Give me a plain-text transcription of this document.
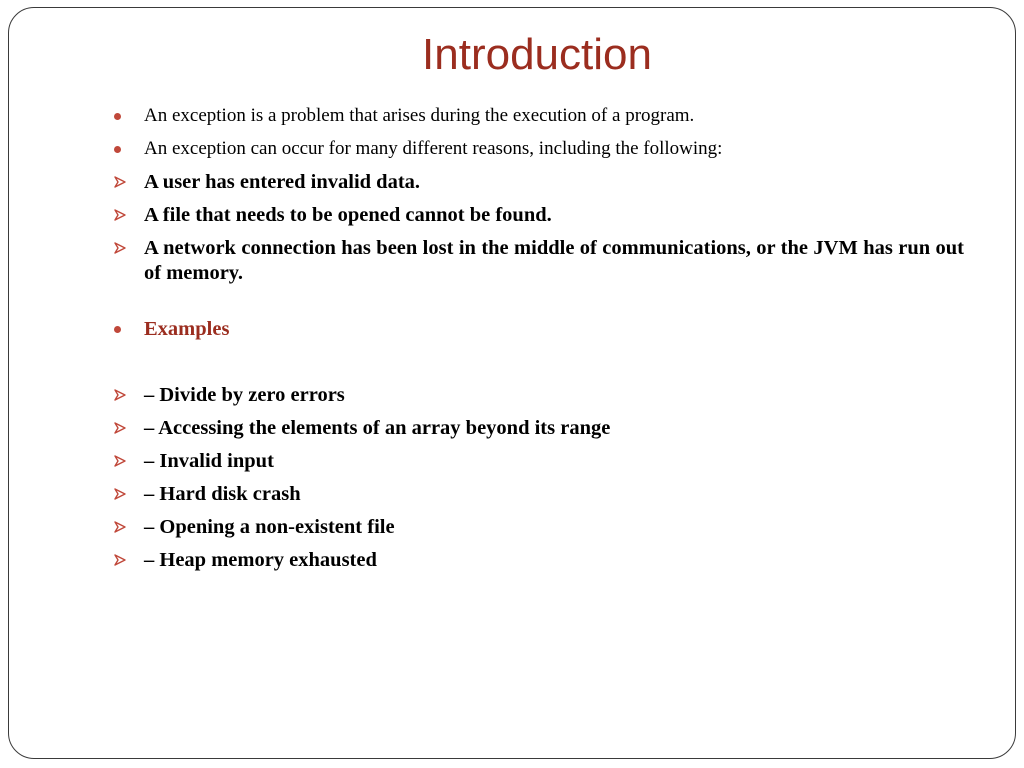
Introduction
An exception is a problem that arises during the execution of a program.
An exception can occur for many different reasons, including the following:
A user has entered invalid data.
A file that needs to be opened cannot be found.
A network connection has been lost in the middle of communications, or the JVM has run out of memory.
Examples
– Divide by zero errors
– Accessing the elements of an array beyond its range
– Invalid input
– Hard disk crash
– Opening a non-existent file
– Heap memory exhausted
